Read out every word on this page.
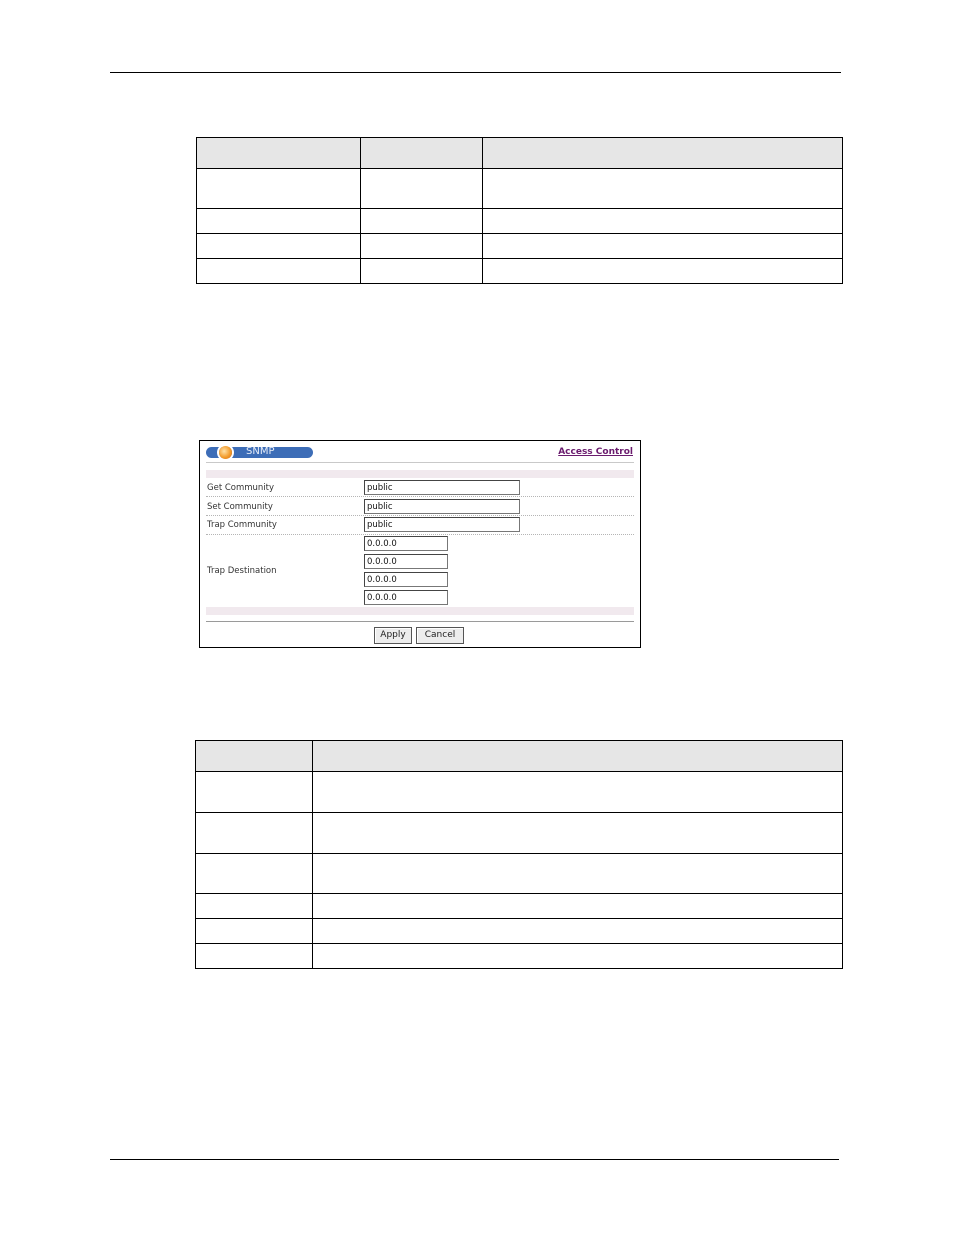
SNMP	Access Control
Get Community	public
Set Community	public
Trap Community	public
Trap Destination
0.0.0.0
0.0.0.0
0.0.0.0
0.0.0.0
Apply	Cancel
